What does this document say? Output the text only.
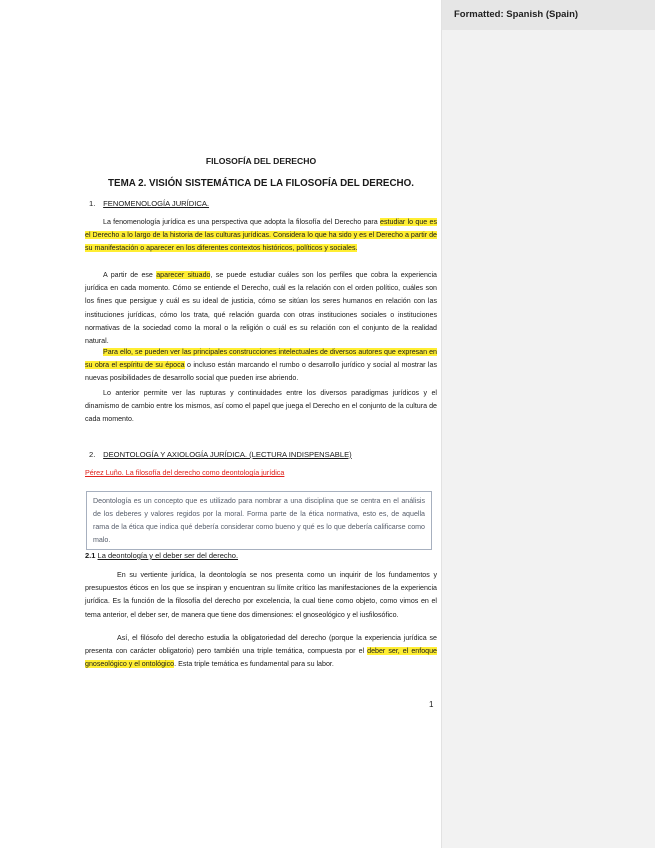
FILOSOFÍA DEL DERECHO
TEMA 2. VISIÓN SISTEMÁTICA DE LA FILOSOFÍA DEL DERECHO.
1. FENOMENOLOGÍA JURÍDICA.

La fenomenología jurídica es una perspectiva que adopta la filosofía del Derecho para estudiar lo que es el Derecho a lo largo de la historia de las culturas jurídicas. Considera lo que ha sido y es el Derecho a partir de su manifestación o aparecer en los diferentes contextos históricos, políticos y sociales.

A partir de ese aparecer situado, se puede estudiar cuáles son los perfiles que cobra la experiencia jurídica en cada momento. Cómo se entiende el Derecho, cuál es la relación con el orden político, cuáles son los fines que persigue y cuál es su ideal de justicia, cómo se sitúan los seres humanos en relación con las instituciones jurídicas, cómo los trata, qué relación guarda con otras instituciones sociales o instituciones normativas de la sociedad como la moral o la religión o cuál es su relación con el conjunto de la realidad natural.

Para ello, se pueden ver las principales construcciones intelectuales de diversos autores que expresan en su obra el espíritu de su época o incluso están marcando el rumbo o desarrollo jurídico y social al mostrar las nuevas posibilidades de desarrollo social que pueden irse abriendo.

Lo anterior permite ver las rupturas y continuidades entre los diversos paradigmas jurídicos y el dinamismo de cambio entre los mismos, así como el papel que juega el Derecho en el conjunto de la cultura de cada momento.

2. DEONTOLOGÍA Y AXIOLOGÍA JURÍDICA. (LECTURA INDISPENSABLE)
Pérez Luño. La filosofía del derecho como deontología jurídica
Deontología es un concepto que es utilizado para nombrar a una disciplina que se centra en el análisis de los deberes y valores regidos por la moral. Forma parte de la ética normativa, esto es, de aquella rama de la ética que indica qué debería considerar como bueno y qué es lo que debería calificarse como malo.
2.1 La deontología y el deber ser del derecho.

En su vertiente jurídica, la deontología se nos presenta como un inquirir de los fundamentos y presupuestos éticos en los que se inspiran y encuentran su límite crítico las manifestaciones de la experiencia jurídica. Es la función de la filosofía del derecho por excelencia, la cual tiene como objeto, como vimos en el tema anterior, el deber ser, de manera que tiene dos dimensiones: el gnoseológico y el iusfilosófico.

Así, el filósofo del derecho estudia la obligatoriedad del derecho (porque la experiencia jurídica se presenta con carácter obligatorio) pero también una triple temática, compuesta por el deber ser, el enfoque gnoseológico y el ontológico. Esta triple temática es fundamental para su labor.

1
Formatted: Spanish (Spain)
